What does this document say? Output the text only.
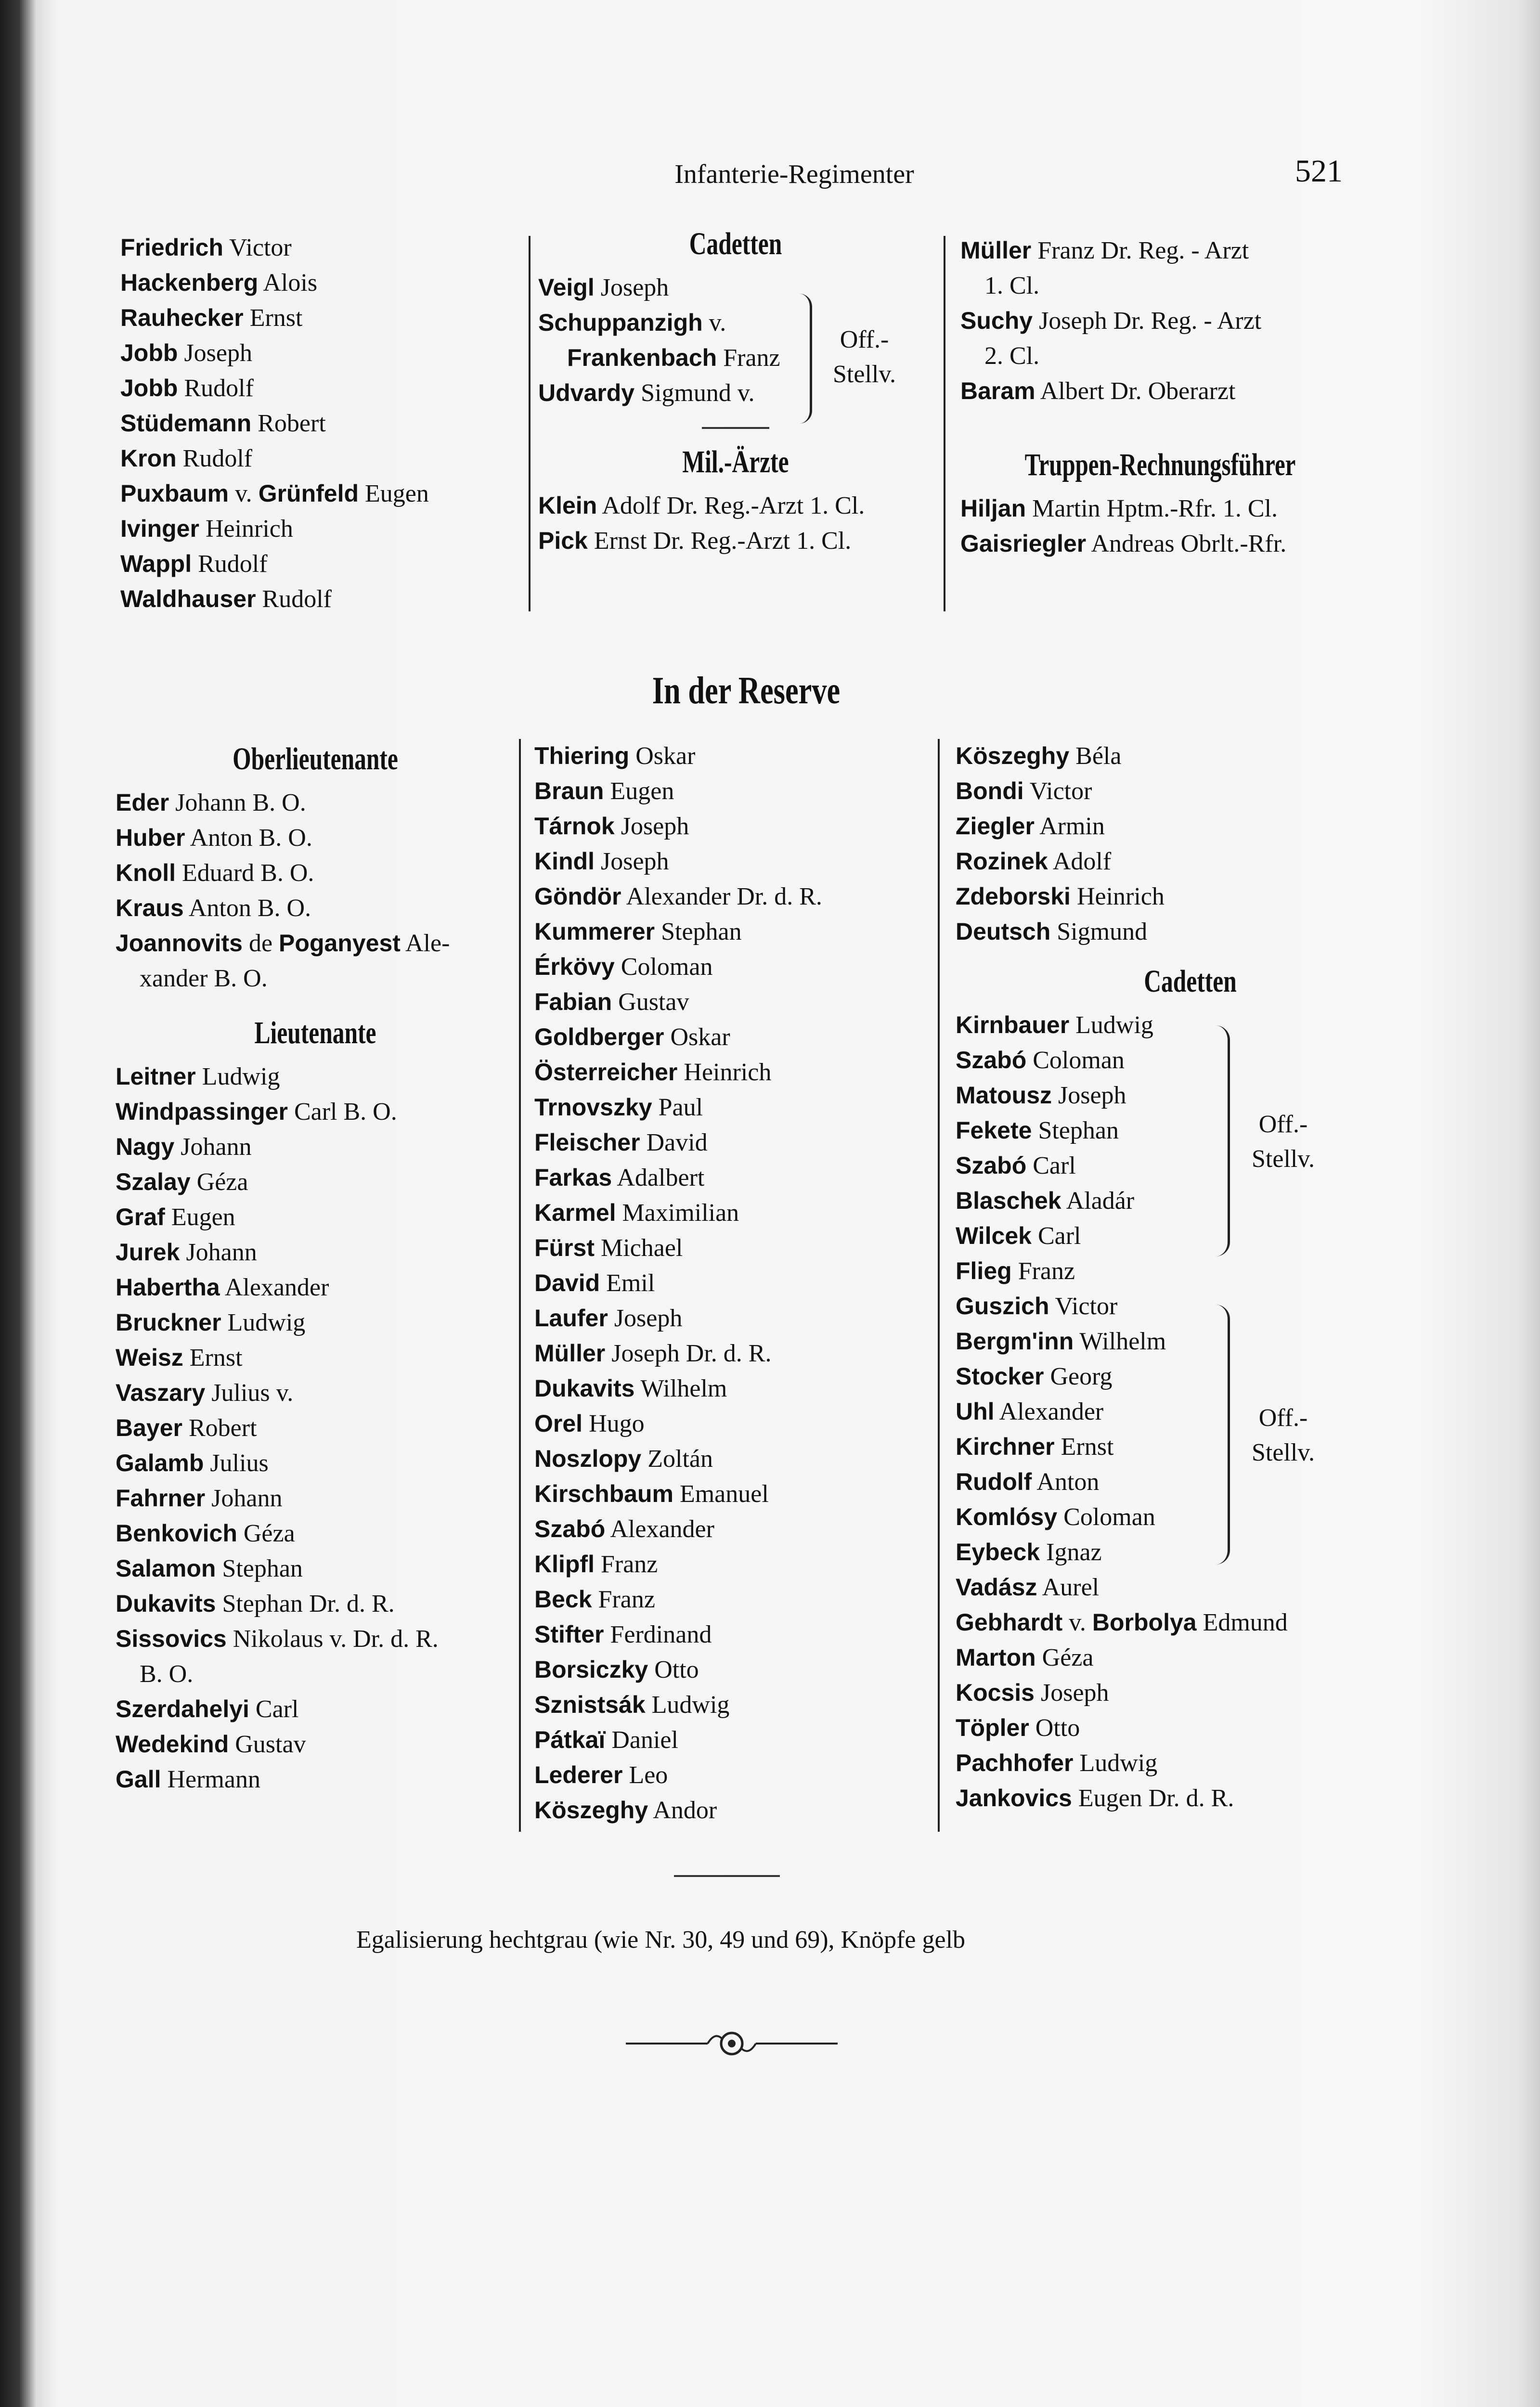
Infanterie-Regimenter	521
Friedrich Victor
Hackenberg Alois
Rauhecker Ernst
Jobb Joseph
Jobb Rudolf
Stüdemann Robert
Kron Rudolf
Puxbaum v. Grünfeld Eugen
Ivinger Heinrich
Wappl Rudolf
Waldhauser Rudolf
Cadetten
Veigl Joseph
Schuppanzigh v.
Frankenbach Franz
Udvardy Sigmund v.
Mil.-Ärzte
Klein Adolf Dr. Reg.-Arzt 1. Cl.
Pick Ernst Dr. Reg.-Arzt 1. Cl.
Off.-
Stellv.
Müller Franz Dr. Reg. - Arzt
1. Cl.
Suchy Joseph Dr. Reg. - Arzt
2. Cl.
Baram Albert Dr. Oberarzt
Truppen-Rechnungsführer
Hiljan Martin Hptm.-Rfr. 1. Cl.
Gaisriegler Andreas Obrlt.-Rfr.
In der Reserve
Oberlieutenante
Eder Johann B. O.
Huber Anton B. O.
Knoll Eduard B. O.
Kraus Anton B. O.
Joannovits de Poganyest Ale-
xander B. O.
Lieutenante
Leitner Ludwig
Windpassinger Carl B. O.
Nagy Johann
Szalay Géza
Graf Eugen
Jurek Johann
Habertha Alexander
Bruckner Ludwig
Weisz Ernst
Vaszary Julius v.
Bayer Robert
Galamb Julius
Fahrner Johann
Benkovich Géza
Salamon Stephan
Dukavits Stephan Dr. d. R.
Sissovics Nikolaus v. Dr. d. R.
B. O.
Szerdahelyi Carl
Wedekind Gustav
Gall Hermann
Thiering Oskar
Braun Eugen
Tárnok Joseph
Kindl Joseph
Göndör Alexander Dr. d. R.
Kummerer Stephan
Érkövy Coloman
Fabian Gustav
Goldberger Oskar
Österreicher Heinrich
Trnovszky Paul
Fleischer David
Farkas Adalbert
Karmel Maximilian
Fürst Michael
David Emil
Laufer Joseph
Müller Joseph Dr. d. R.
Dukavits Wilhelm
Orel Hugo
Noszlopy Zoltán
Kirschbaum Emanuel
Szabó Alexander
Klipfl Franz
Beck Franz
Stifter Ferdinand
Borsiczky Otto
Sznistsák Ludwig
Pátkaï Daniel
Lederer Leo
Köszeghy Andor
Köszeghy Béla
Bondi Victor
Ziegler Armin
Rozinek Adolf
Zdeborski Heinrich
Deutsch Sigmund
Cadetten
Kirnbauer Ludwig
Szabó Coloman
Matousz Joseph
Fekete Stephan
Szabó Carl
Blaschek Aladár
Wilcek Carl
Flieg Franz
Guszich Victor
Bergm'inn Wilhelm
Stocker Georg
Uhl Alexander
Kirchner Ernst
Rudolf Anton
Komlósy Coloman
Eybeck Ignaz
Vadász Aurel
Gebhardt v. Borbolya Edmund
Marton Géza
Kocsis Joseph
Töpler Otto
Pachhofer Ludwig
Jankovics Eugen Dr. d. R.
Off.-
Stellv.
Off.-
Stellv.
Egalisierung hechtgrau (wie Nr. 30, 49 und 69), Knöpfe gelb
